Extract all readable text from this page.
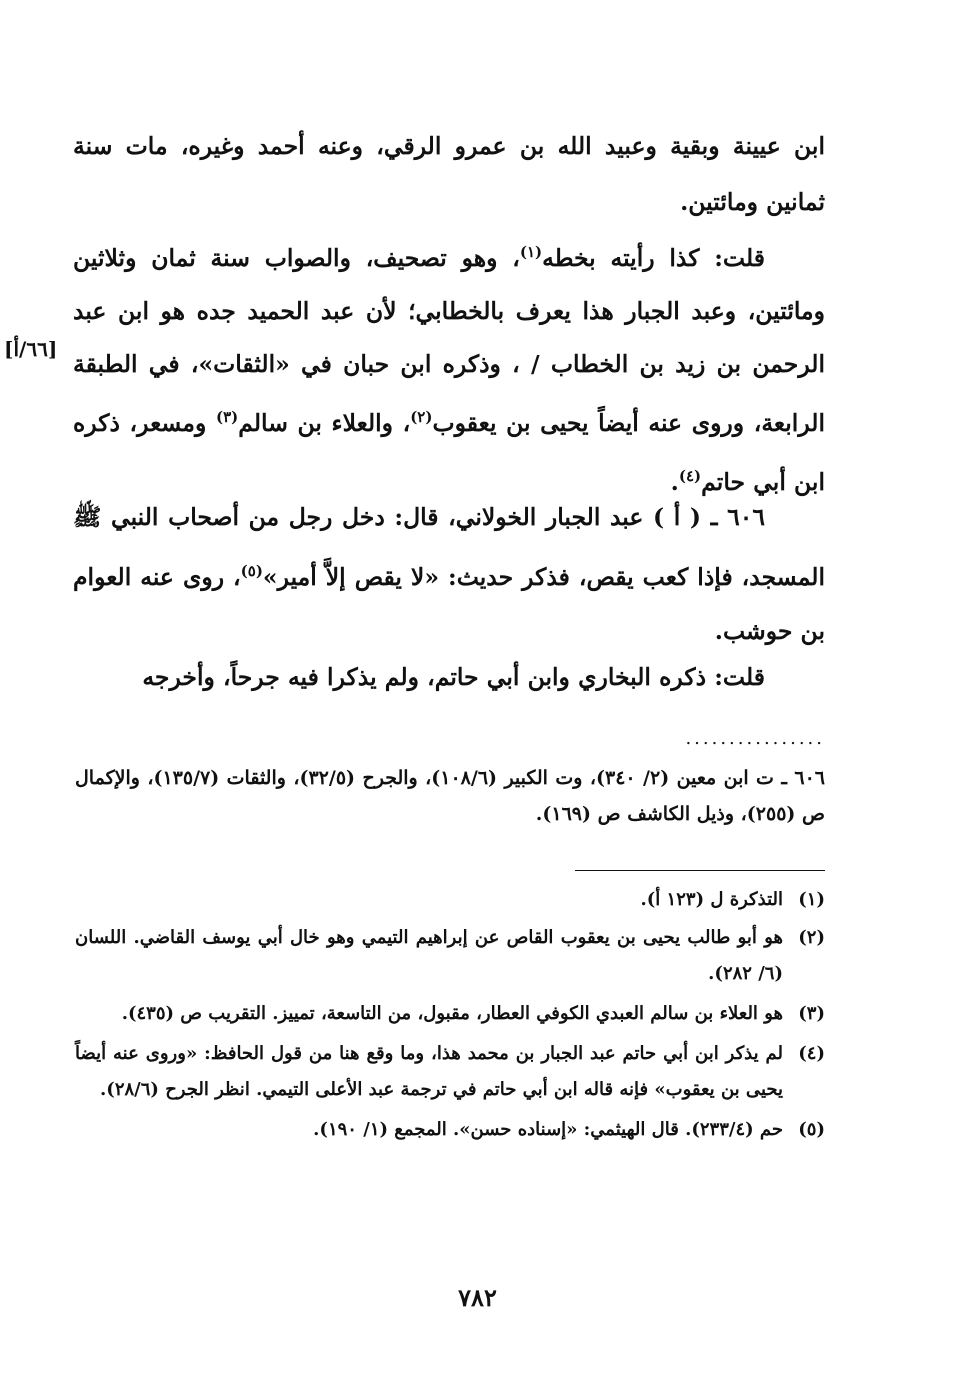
ابن عيينة وبقية وعبيد الله بن عمرو الرقي، وعنه أحمد وغيره، مات سنة ثمانين ومائتين.

قلت: كذا رأيته بخطه$^{(١)}$، وهو تصحيف، والصواب سنة ثمان وثلاثين ومائتين، وعبد الجبار هذا يعرف بالخطابي؛ لأن عبد الحميد جده هو ابن عبد الرحمن بن زيد بن الخطاب / ، وذكره ابن حبان في «الثقات»، في الطبقة الرابعة، وروى عنه أيضاً يحيى بن يعقوب$^{(٢)}$، والعلاء بن سالم$^{(٣)}$ ومسعر، ذكره ابن أبي حاتم$^{(٤)}$.

[٦٦/أ]

٦٠٦ ـ ( أ ) عبد الجبار الخولاني، قال: دخل رجل من أصحاب النبي ﷺ المسجد، فإذا كعب يقص، فذكر حديث: «لا يقص إلاَّ أمير»$^{(٥)}$، روى عنه العوام بن حوشب.

قلت: ذكره البخاري وابن أبي حاتم، ولم يذكرا فيه جرحاً، وأخرجه

................

٦٠٦ ـ ت ابن معين (٢/ ٣٤٠)، وت الكبير (١٠٨/٦)، والجرح (٣٢/٥)، والثقات (١٣٥/٧)، والإكمال ص (٢٥٥)، وذيل الكاشف ص (١٦٩).

(١)
التذكرة ل (١٢٣ أ).
(٢)
هو أبو طالب يحيى بن يعقوب القاص عن إبراهيم التيمي وهو خال أبي يوسف القاضي. اللسان (٦/ ٢٨٢).
(٣)
هو العلاء بن سالم العبدي الكوفي العطار، مقبول، من التاسعة، تمييز. التقريب ص (٤٣٥).
(٤)
لم يذكر ابن أبي حاتم عبد الجبار بن محمد هذا، وما وقع هنا من قول الحافظ: «وروى عنه أيضاً يحيى بن يعقوب» فإنه قاله ابن أبي حاتم في ترجمة عبد الأعلى التيمي. انظر الجرح (٢٨/٦).
(٥)
حم (٢٣٣/٤). قال الهيثمي: «إسناده حسن». المجمع (١/ ١٩٠).
٧٨٢
